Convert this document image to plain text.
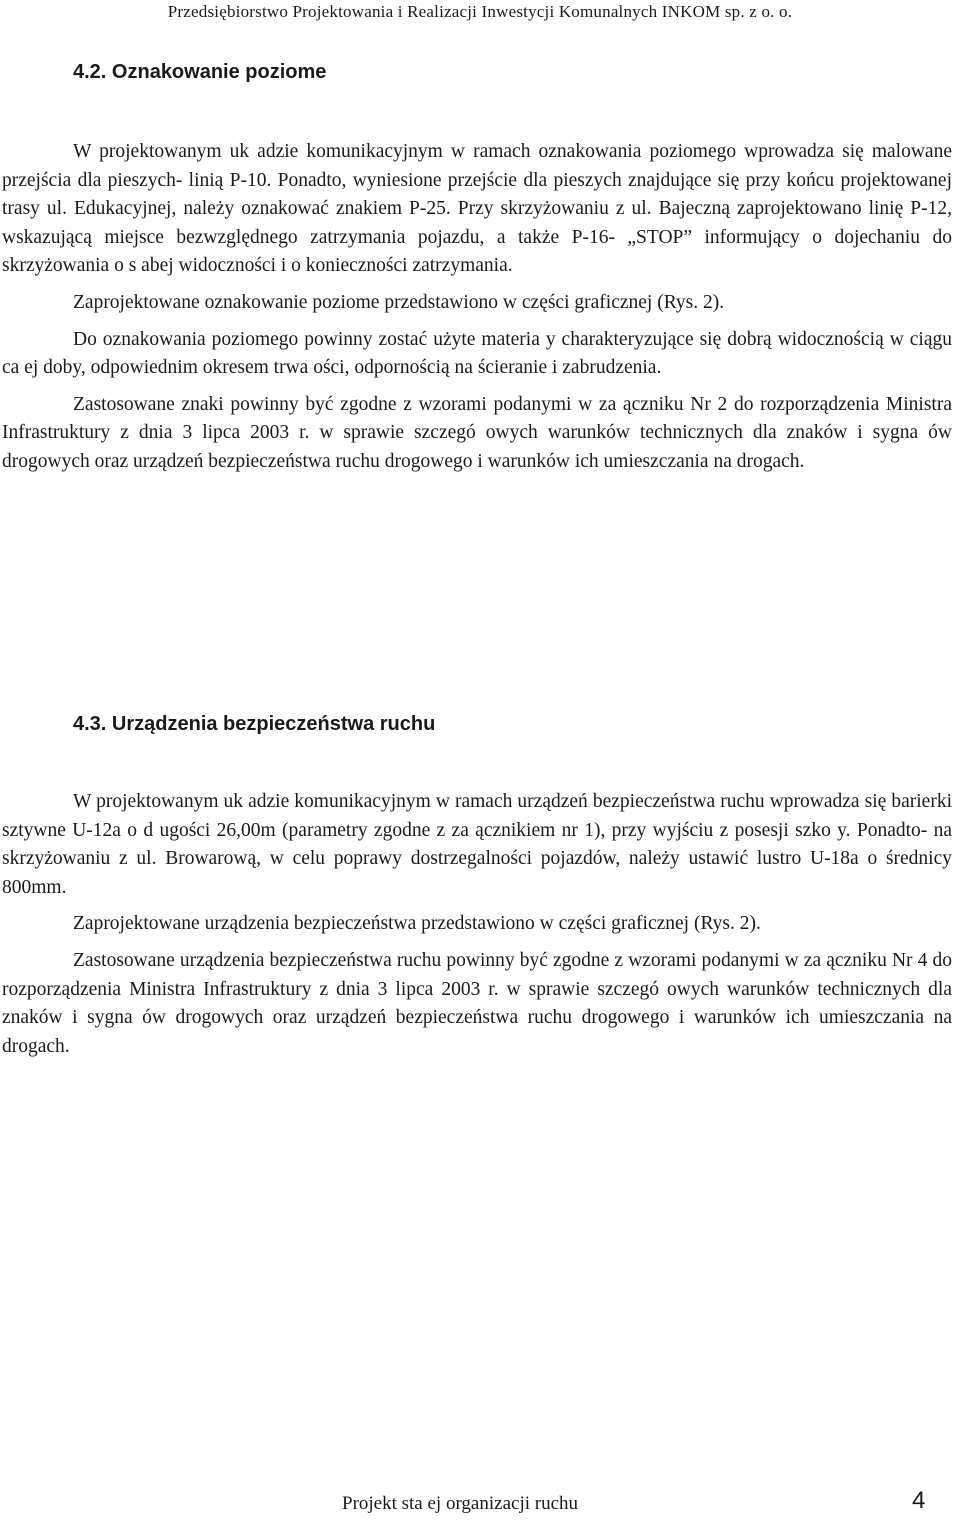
Przedsiębiorstwo Projektowania i Realizacji Inwestycji Komunalnych INKOM sp. z o. o.
4.2. Oznakowanie poziome

W projektowanym uk adzie komunikacyjnym w ramach oznakowania poziomego wprowadza się malowane przejścia dla pieszych- linią P-10. Ponadto, wyniesione przejście dla pieszych znajdujące się przy końcu projektowanej trasy ul. Edukacyjnej, należy oznakować znakiem P-25. Przy skrzyżowaniu z ul. Bajeczną zaprojektowano linię P-12, wskazującą miejsce bezwzględnego zatrzymania pojazdu, a także P-16- „STOP” informujący o dojechaniu do skrzyżowania o s abej widoczności i o konieczności zatrzymania.

Zaprojektowane oznakowanie poziome przedstawiono w części graficznej (Rys. 2).

Do oznakowania poziomego powinny zostać użyte materia y charakteryzujące się dobrą widocznością w ciągu ca ej doby, odpowiednim okresem trwa ości, odpornością na ścieranie i zabrudzenia.

Zastosowane znaki powinny być zgodne z wzorami podanymi w za ączniku Nr 2 do rozporządzenia Ministra Infrastruktury z dnia 3 lipca 2003 r. w sprawie szczegó owych warunków technicznych dla znaków i sygna ów drogowych oraz urządzeń bezpieczeństwa ruchu drogowego i warunków ich umieszczania na drogach.

4.3. Urządzenia bezpieczeństwa ruchu

W projektowanym uk adzie komunikacyjnym w ramach urządzeń bezpieczeństwa ruchu wprowadza się barierki sztywne U-12a o d ugości 26,00m (parametry zgodne z za ącznikiem nr 1), przy wyjściu z posesji szko y. Ponadto- na skrzyżowaniu z ul. Browarową, w celu poprawy dostrzegalności pojazdów, należy ustawić lustro U-18a o średnicy 800mm.

Zaprojektowane urządzenia bezpieczeństwa przedstawiono w części graficznej (Rys. 2).

Zastosowane urządzenia bezpieczeństwa ruchu powinny być zgodne z wzorami podanymi w za ączniku Nr 4 do rozporządzenia Ministra Infrastruktury z dnia 3 lipca 2003 r. w sprawie szczegó owych warunków technicznych dla znaków i sygna ów drogowych oraz urządzeń bezpieczeństwa ruchu drogowego i warunków ich umieszczania na drogach.

Projekt sta ej organizacji ruchu	4
